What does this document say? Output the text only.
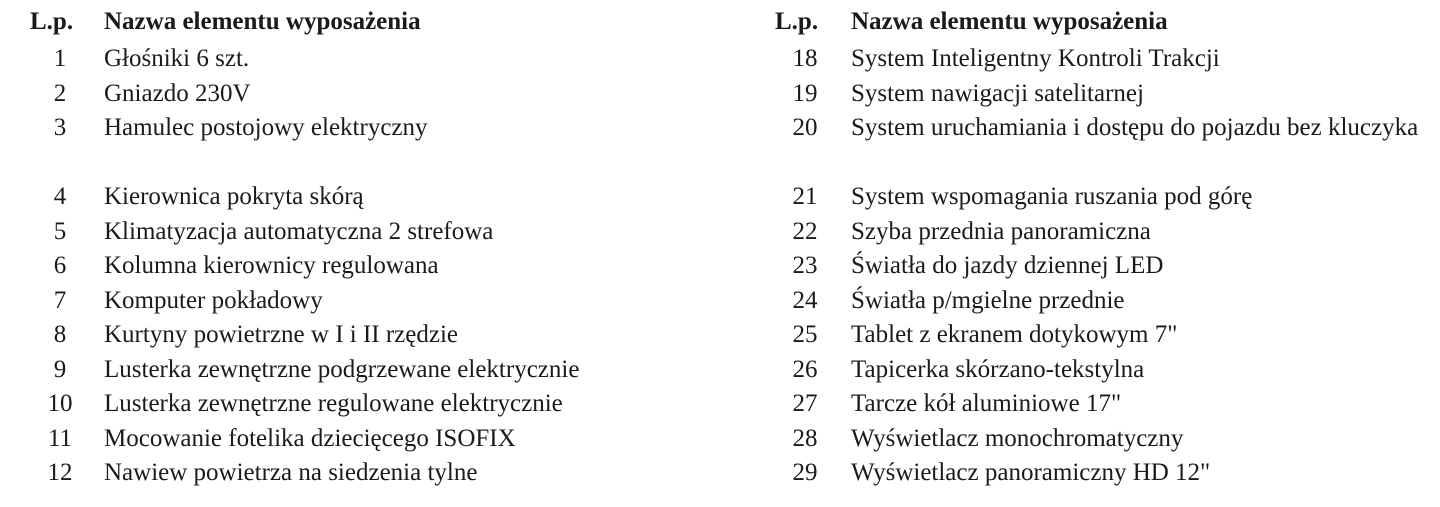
L.p.	Nazwa elementu wyposażenia
1	Głośniki 6 szt.
2	Gniazdo 230V
3	Hamulec postojowy elektryczny
4	Kierownica pokryta skórą
5	Klimatyzacja automatyczna 2 strefowa
6	Kolumna kierownicy regulowana
7	Komputer pokładowy
8	Kurtyny powietrzne w I i II rzędzie
9	Lusterka zewnętrzne podgrzewane elektrycznie
10	Lusterka zewnętrzne regulowane elektrycznie
11	Mocowanie fotelika dziecięcego ISOFIX
12	Nawiew powietrza na siedzenia tylne
L.p.	Nazwa elementu wyposażenia
18	System Inteligentny Kontroli Trakcji
19	System nawigacji satelitarnej
20	System uruchamiania i dostępu do pojazdu bez kluczyka
21	System wspomagania ruszania pod górę
22	Szyba przednia panoramiczna
23	Światła do jazdy dziennej LED
24	Światła p/mgielne przednie
25	Tablet z ekranem dotykowym 7"
26	Tapicerka skórzano-tekstylna
27	Tarcze kół aluminiowe 17"
28	Wyświetlacz monochromatyczny
29	Wyświetlacz panoramiczny HD 12"
